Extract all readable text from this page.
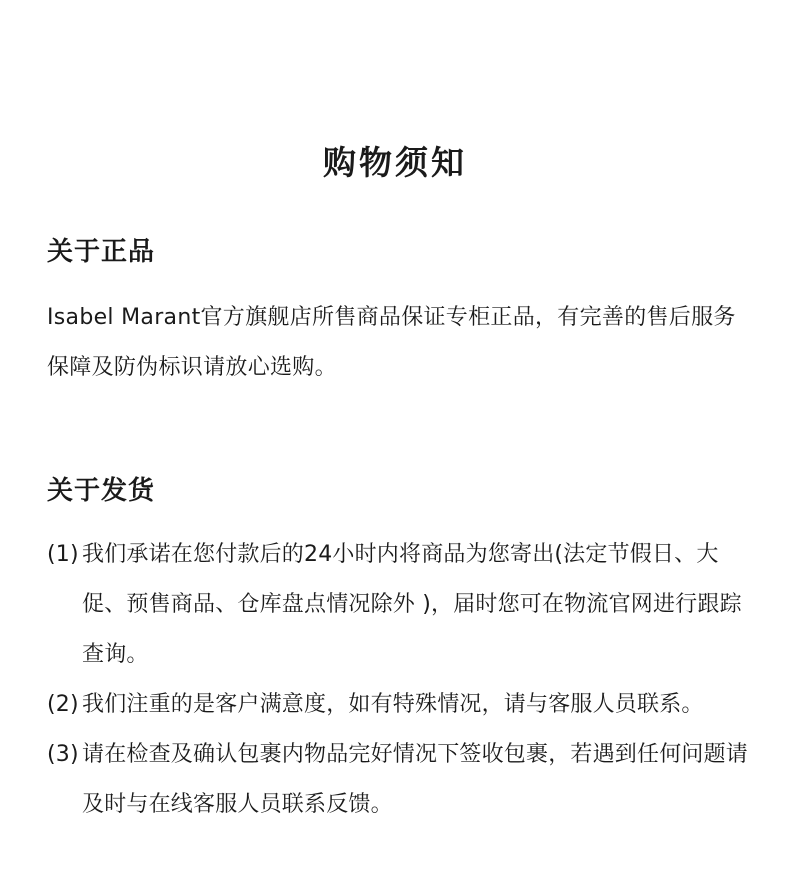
购物须知
关于正品

Isabel Marant官方旗舰店所售商品保证专柜正品，有完善的售后服务保障及防伪标识请放心选购。

关于发货
(1) 我们承诺在您付款后的24小时内将商品为您寄出(法定节假日、大促、预售商品、仓库盘点情况除外 )，届时您可在物流官网进行跟踪查询。
(2) 我们注重的是客户满意度，如有特殊情况，请与客服人员联系。
(3) 请在检查及确认包裹内物品完好情况下签收包裹，若遇到任何问题请及时与在线客服人员联系反馈。
